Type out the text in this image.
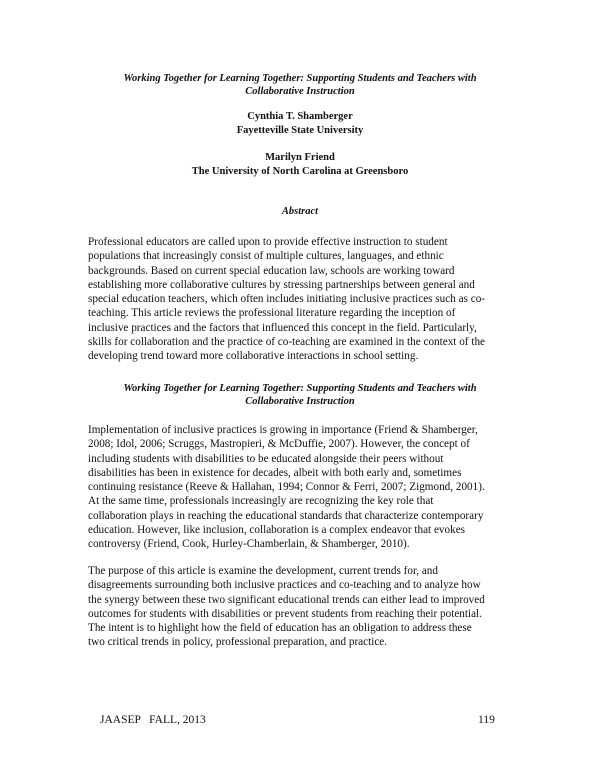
Working Together for Learning Together: Supporting Students and Teachers with
Collaborative Instruction
Cynthia T. Shamberger
Fayetteville State University
Marilyn Friend
The University of North Carolina at Greensboro
Abstract
Professional educators are called upon to provide effective instruction to student
populations that increasingly consist of multiple cultures, languages, and ethnic
backgrounds. Based on current special education law, schools are working toward
establishing more collaborative cultures by stressing partnerships between general and
special education teachers, which often includes initiating inclusive practices such as co-
teaching. This article reviews the professional literature regarding the inception of
inclusive practices and the factors that influenced this concept in the field. Particularly,
skills for collaboration and the practice of co-teaching are examined in the context of the
developing trend toward more collaborative interactions in school setting.
Working Together for Learning Together: Supporting Students and Teachers with
Collaborative Instruction
Implementation of inclusive practices is growing in importance (Friend & Shamberger,
2008; Idol, 2006; Scruggs, Mastropieri, & McDuffie, 2007). However, the concept of
including students with disabilities to be educated alongside their peers without
disabilities has been in existence for decades, albeit with both early and, sometimes
continuing resistance (Reeve & Hallahan, 1994; Connor & Ferri, 2007; Zigmond, 2001).
At the same time, professionals increasingly are recognizing the key role that
collaboration plays in reaching the educational standards that characterize contemporary
education. However, like inclusion, collaboration is a complex endeavor that evokes
controversy (Friend, Cook, Hurley-Chamberlain, & Shamberger, 2010).
The purpose of this article is examine the development, current trends for, and
disagreements surrounding both inclusive practices and co-teaching and to analyze how
the synergy between these two significant educational trends can either lead to improved
outcomes for students with disabilities or prevent students from reaching their potential.
The intent is to highlight how the field of education has an obligation to address these
two critical trends in policy, professional preparation, and practice.
JAASEP   FALL, 2013	119
